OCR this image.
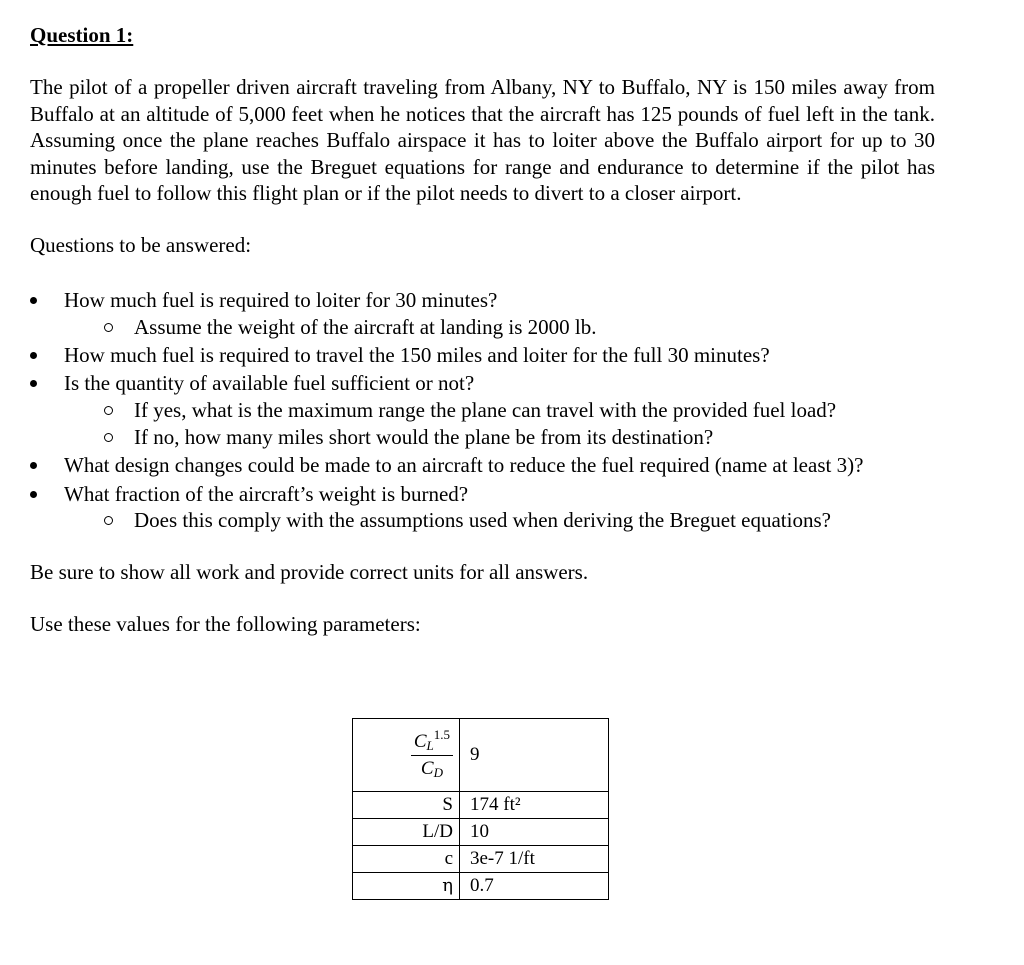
Question 1:

The pilot of a propeller driven aircraft traveling from Albany, NY to Buffalo, NY is 150 miles away from Buffalo at an altitude of 5,000 feet when he notices that the aircraft has 125 pounds of fuel left in the tank. Assuming once the plane reaches Buffalo airspace it has to loiter above the Buffalo airport for up to 30 minutes before landing, use the Breguet equations for range and endurance to determine if the pilot has enough fuel to follow this flight plan or if the pilot needs to divert to a closer airport.

Questions to be answered:

How much fuel is required to loiter for 30 minutes?
Assume the weight of the aircraft at landing is 2000 lb.
How much fuel is required to travel the 150 miles and loiter for the full 30 minutes?
Is the quantity of available fuel sufficient or not?
If yes, what is the maximum range the plane can travel with the provided fuel load?
If no, how many miles short would the plane be from its destination?
What design changes could be made to an aircraft to reduce the fuel required (name at least 3)?
What fraction of the aircraft’s weight is burned?
Does this comply with the assumptions used when deriving the Breguet equations?

Be sure to show all work and provide correct units for all answers.

Use these values for the following parameters:

$\frac{C_L^{1.5}}{C_D}$	9
S	174 ft²
L/D	10
c	3e-7 1/ft
η	0.7
